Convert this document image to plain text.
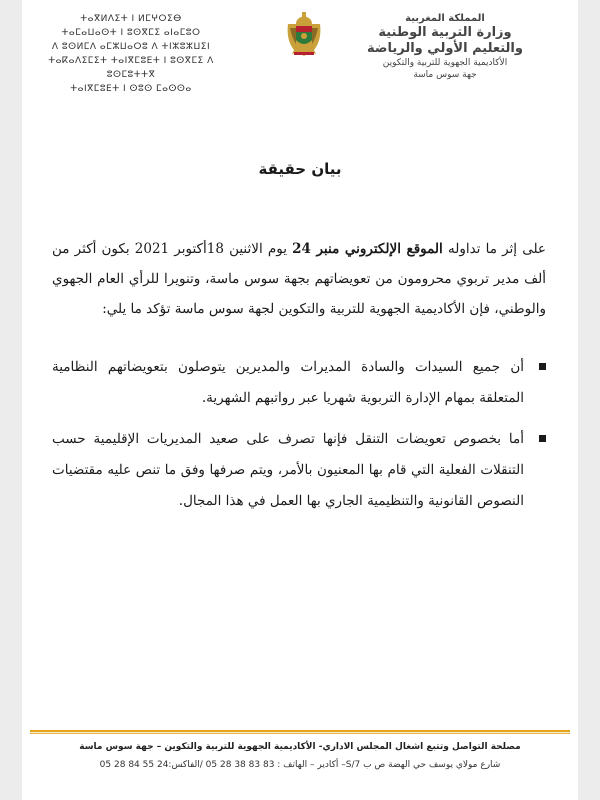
المملكة المغربية
وزارة التربية الوطنية
والتعليم الأولي والرياضة
الأكاديمية الجهوية للتربية والتكوين
جهة سوس ماسة
ⵜⴰⴳⵍⴷⵉⵜ ⵏ ⵍⵎⵖⵔⵉⴱ
ⵜⴰⵎⴰⵡⴰⵙⵜ ⵏ ⵓⵙⴳⵎⵉ ⴰⵏⴰⵎⵓⵔ
ⴷ ⵓⵙⵍⵎⴷ ⴰⵎⵣⵡⴰⵔⵓ ⴷ ⵜⵏⵣⵓⵣⵡⵉⵏ
ⵜⴰⴽⴰⴷⵉⵎⵉⵜ ⵜⴰⵏⴳⵎⵓⴹⵜ ⵏ ⵓⵙⴳⵎⵉ ⴷ ⵓⵙⵎⵓⵜⵜⴳ
ⵜⴰⵏⴳⵎⵓⴹⵜ ⵏ ⵙⵓⵙ ⵎⴰⵙⵙⴰ
بيان حقيقة

على إثر ما تداوله الموقع الإلكتروني منبر 24 يوم الاثنين 18أكتوبر 2021 بكون أكثر من ألف مدير تربوي محرومون من تعويضاتهم بجهة سوس ماسة، وتنويرا للرأي العام الجهوي والوطني، فإن الأكاديمية الجهوية للتربية والتكوين لجهة سوس ماسة تؤكد ما يلي:

أن جميع السيدات والسادة المديرات والمديرين يتوصلون بتعويضاتهم النظامية المتعلقة بمهام الإدارة التربوية شهريا عبر رواتبهم الشهرية.
أما بخصوص تعويضات التنقل فإنها تصرف على صعيد المديريات الإقليمية حسب التنقلات الفعلية التي قام بها المعنيون بالأمر، ويتم صرفها وفق ما تنص عليه مقتضيات النصوص القانونية والتنظيمية الجاري بها العمل في هذا المجال.
مصلحة التواصل وتتبع اشغال المجلس الاداري- الأكاديمية الجهوية للتربية والتكوين – جهة سوس ماسة
شارع مولاي يوسف حي الهضة ص ب 7/S– أكادير – الهاتف : 83 83 38 28 05 /الفاكس:24 55 84 28 05
